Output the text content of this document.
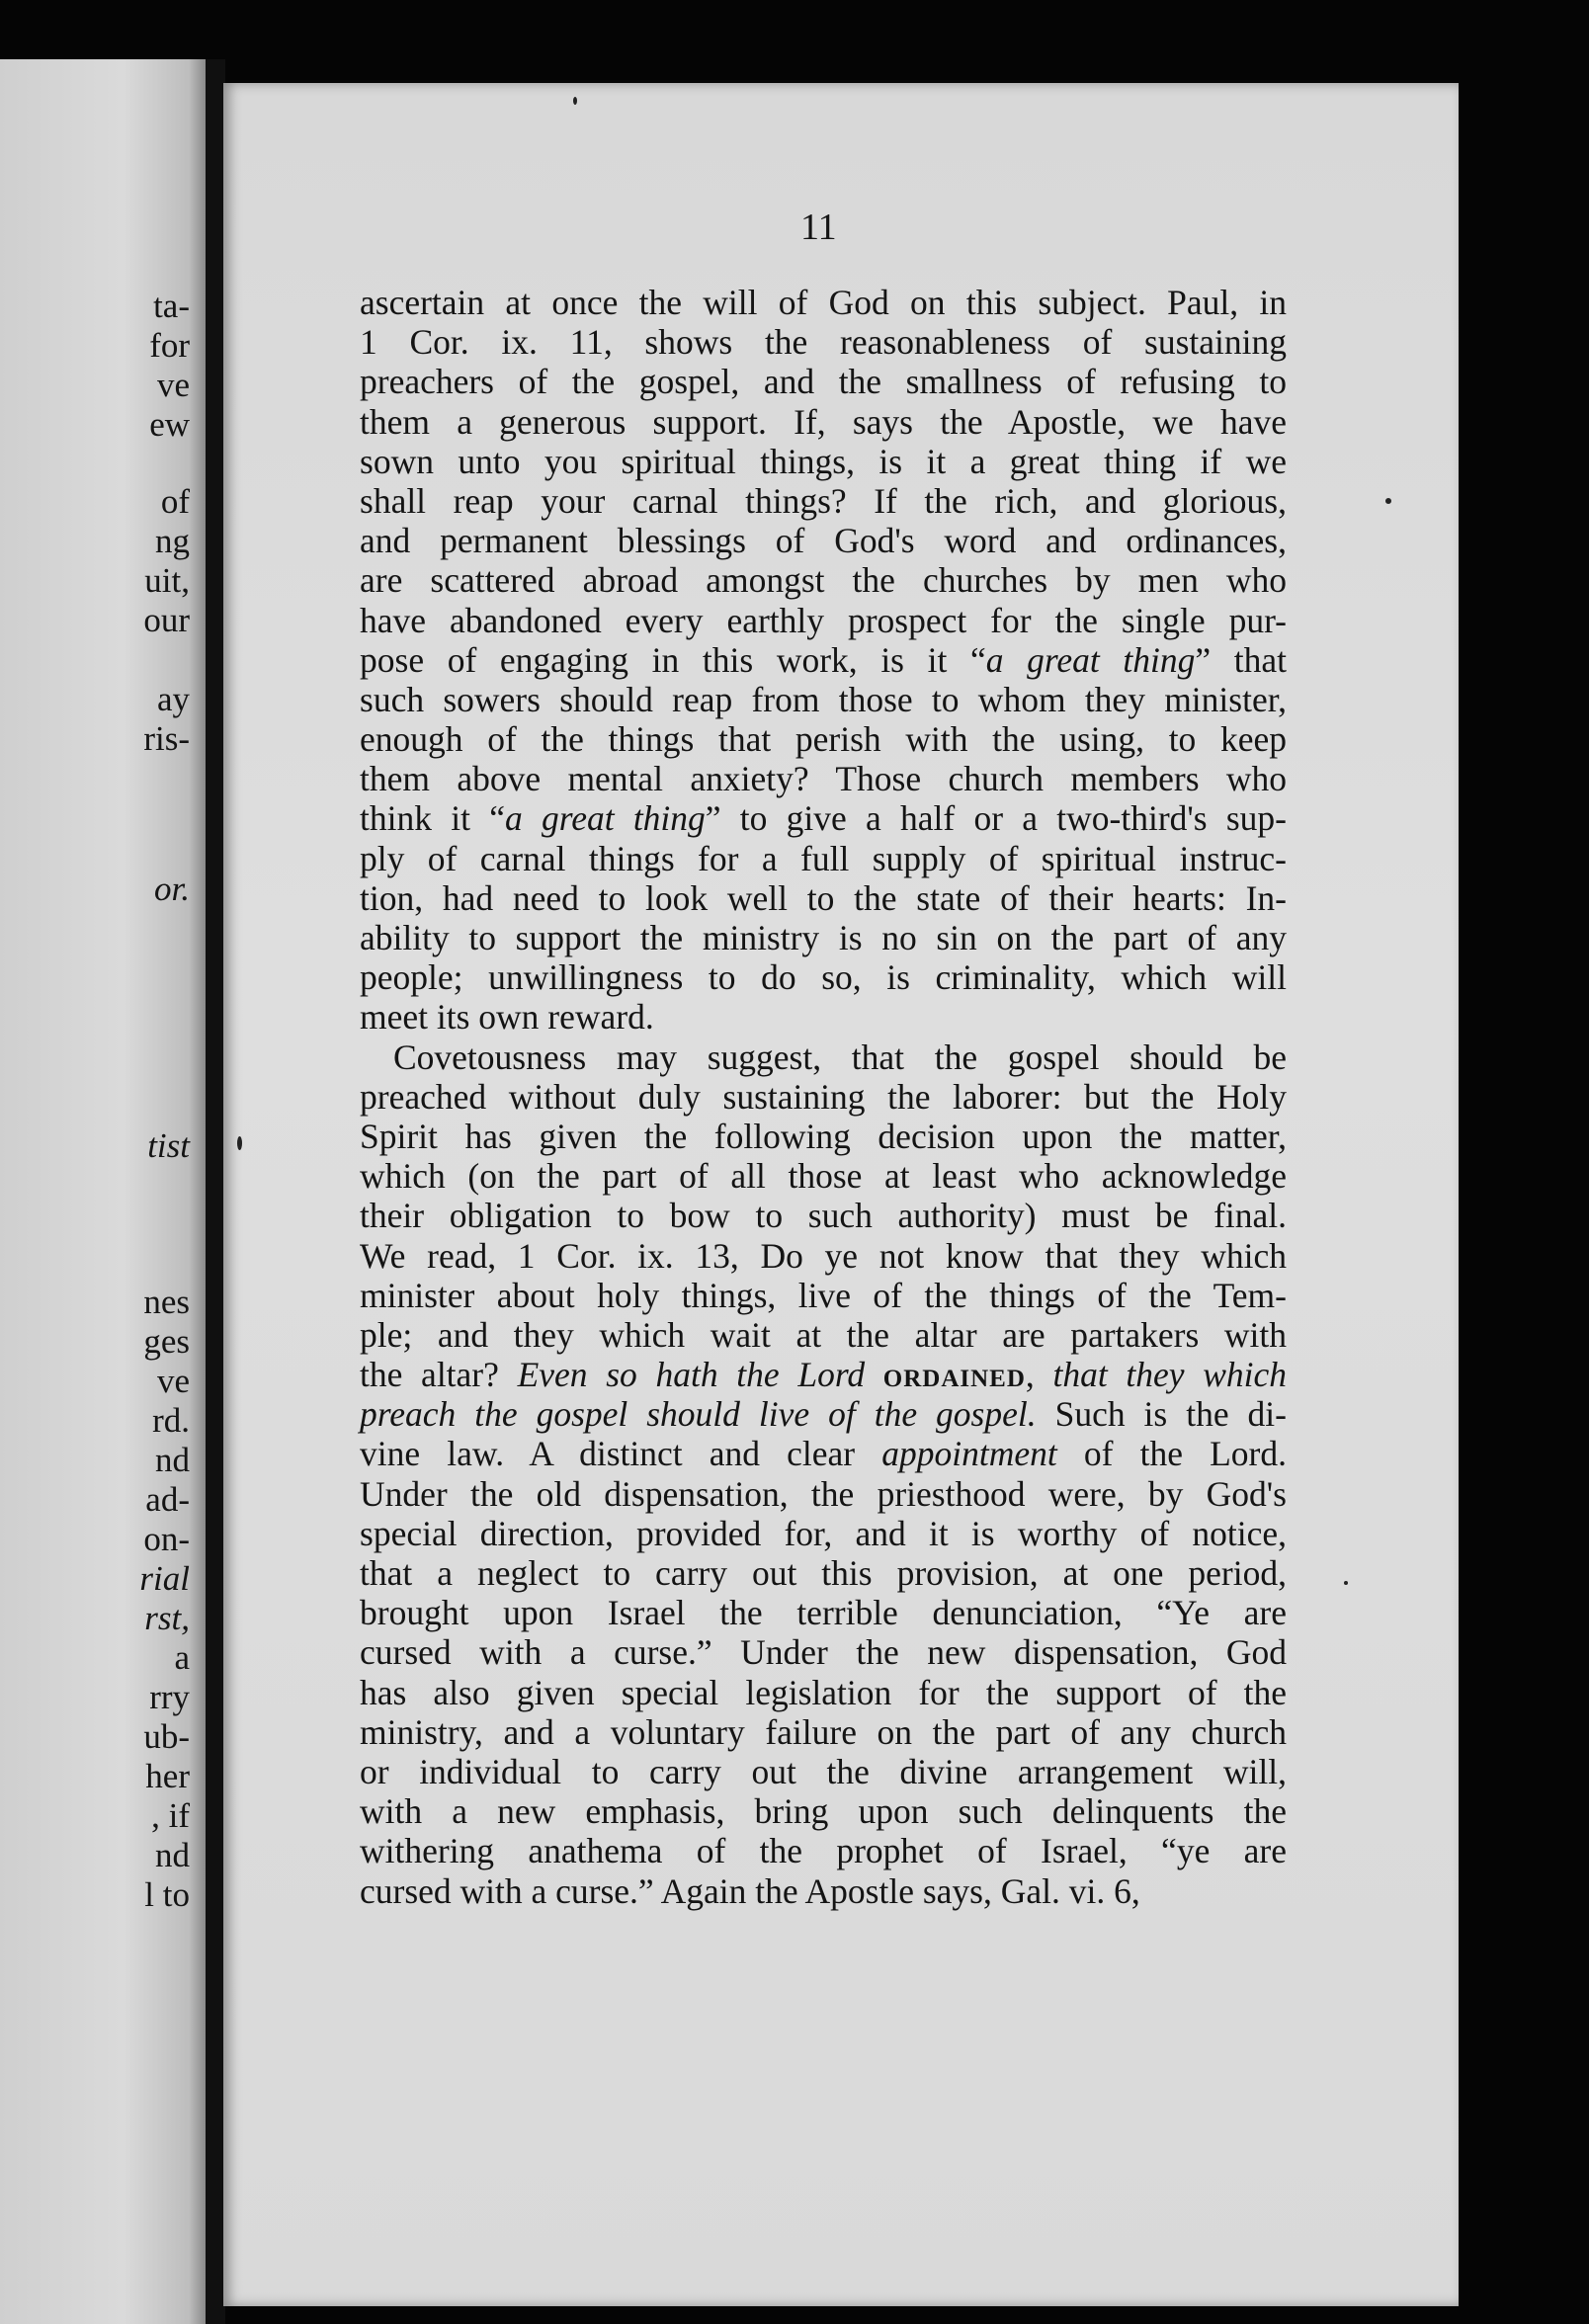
ta-
for
ve
ew
of
ng
uit,
our
ay
ris-
or.
tist
nes
ges
ve
rd.
nd
ad-
on-
rial
rst,
a
rry
ub-
her
, if
nd
l to
11
ascertain at once the will of God on this subject. Paul, in
1 Cor. ix. 11, shows the reasonableness of sustaining
preachers of the gospel, and the smallness of refusing to
them a generous support. If, says the Apostle, we have
sown unto you spiritual things, is it a great thing if we
shall reap your carnal things? If the rich, and glorious,
and permanent blessings of God's word and ordinances,
are scattered abroad amongst the churches by men who
have abandoned every earthly prospect for the single pur-
pose of engaging in this work, is it “a great thing” that
such sowers should reap from those to whom they minister,
enough of the things that perish with the using, to keep
them above mental anxiety? Those church members who
think it “a great thing” to give a half or a two-third's sup-
ply of carnal things for a full supply of spiritual instruc-
tion, had need to look well to the state of their hearts: In-
ability to support the ministry is no sin on the part of any
people; unwillingness to do so, is criminality, which will
meet its own reward.
Covetousness may suggest, that the gospel should be
preached without duly sustaining the laborer: but the Holy
Spirit has given the following decision upon the matter,
which (on the part of all those at least who acknowledge
their obligation to bow to such authority) must be final.
We read, 1 Cor. ix. 13, Do ye not know that they which
minister about holy things, live of the things of the Tem-
ple; and they which wait at the altar are partakers with
the altar? Even so hath the Lord ordained, that they which
preach the gospel should live of the gospel. Such is the di-
vine law. A distinct and clear appointment of the Lord.
Under the old dispensation, the priesthood were, by God's
special direction, provided for, and it is worthy of notice,
that a neglect to carry out this provision, at one period,
brought upon Israel the terrible denunciation, “Ye are
cursed with a curse.” Under the new dispensation, God
has also given special legislation for the support of the
ministry, and a voluntary failure on the part of any church
or individual to carry out the divine arrangement will,
with a new emphasis, bring upon such delinquents the
withering anathema of the prophet of Israel, “ye are
cursed with a curse.” Again the Apostle says, Gal. vi. 6,
